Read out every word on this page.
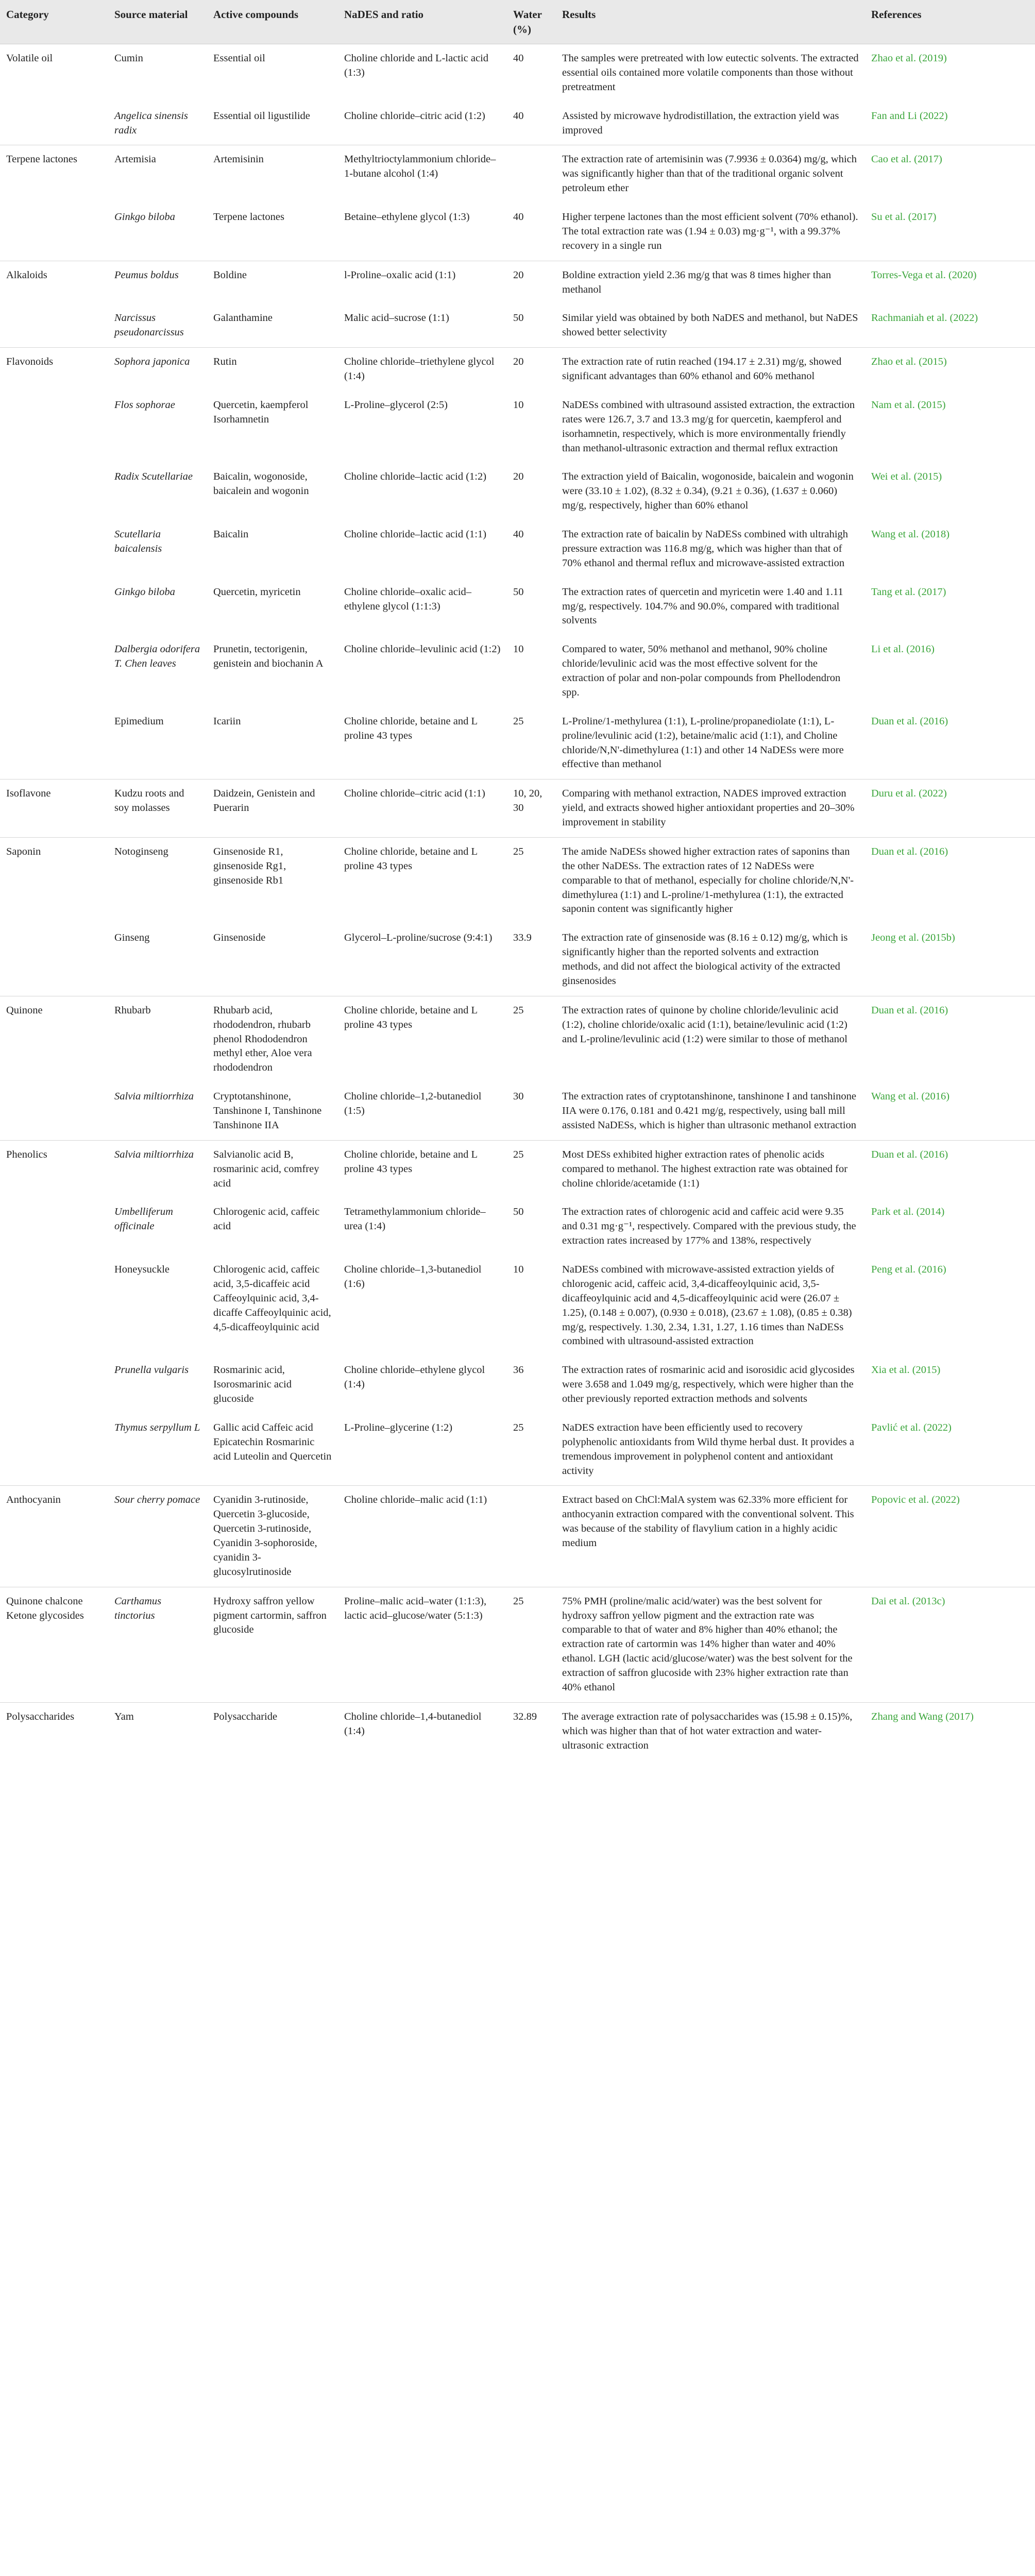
Category	Source material	Active compounds	NaDES and ratio	Water (%)	Results	References
Volatile oil	Cumin	Essential oil	Choline chloride and L-lactic acid (1:3)	40	The samples were pretreated with low eutectic solvents. The extracted essential oils contained more volatile components than those without pretreatment	Zhao et al. (2019)
	Angelica sinensis radix	Essential oil ligustilide	Choline chloride–citric acid (1:2)	40	Assisted by microwave hydrodistillation, the extraction yield was improved	Fan and Li (2022)
Terpene lactones	Artemisia	Artemisinin	Methyltrioctylammonium chloride–1-butane alcohol (1:4)		The extraction rate of artemisinin was (7.9936 ± 0.0364) mg/g, which was significantly higher than that of the traditional organic solvent petroleum ether	Cao et al. (2017)
	Ginkgo biloba	Terpene lactones	Betaine–ethylene glycol (1:3)	40	Higher terpene lactones than the most efficient solvent (70% ethanol). The total extraction rate was (1.94 ± 0.03) mg·g⁻¹, with a 99.37% recovery in a single run	Su et al. (2017)
Alkaloids	Peumus boldus	Boldine	l-Proline–oxalic acid (1:1)	20	Boldine extraction yield 2.36 mg/g that was 8 times higher than methanol	Torres-Vega et al. (2020)
	Narcissus pseudonarcissus	Galanthamine	Malic acid–sucrose (1:1)	50	Similar yield was obtained by both NaDES and methanol, but NaDES showed better selectivity	Rachmaniah et al. (2022)
Flavonoids	Sophora japonica	Rutin	Choline chloride–triethylene glycol (1:4)	20	The extraction rate of rutin reached (194.17 ± 2.31) mg/g, showed significant advantages than 60% ethanol and 60% methanol	Zhao et al. (2015)
	Flos sophorae	Quercetin, kaempferol Isorhamnetin	L-Proline–glycerol (2:5)	10	NaDESs combined with ultrasound assisted extraction, the extraction rates were 126.7, 3.7 and 13.3 mg/g for quercetin, kaempferol and isorhamnetin, respectively, which is more environmentally friendly than methanol-ultrasonic extraction and thermal reflux extraction	Nam et al. (2015)
	Radix Scutellariae	Baicalin, wogonoside, baicalein and wogonin	Choline chloride–lactic acid (1:2)	20	The extraction yield of Baicalin, wogonoside, baicalein and wogonin were (33.10 ± 1.02), (8.32 ± 0.34), (9.21 ± 0.36), (1.637 ± 0.060) mg/g, respectively, higher than 60% ethanol	Wei et al. (2015)
	Scutellaria baicalensis	Baicalin	Choline chloride–lactic acid (1:1)	40	The extraction rate of baicalin by NaDESs combined with ultrahigh pressure extraction was 116.8 mg/g, which was higher than that of 70% ethanol and thermal reflux and microwave-assisted extraction	Wang et al. (2018)
	Ginkgo biloba	Quercetin, myricetin	Choline chloride–oxalic acid–ethylene glycol (1:1:3)	50	The extraction rates of quercetin and myricetin were 1.40 and 1.11 mg/g, respectively. 104.7% and 90.0%, compared with traditional solvents	Tang et al. (2017)
	Dalbergia odorifera T. Chen leaves	Prunetin, tectorigenin, genistein and biochanin A	Choline chloride–levulinic acid (1:2)	10	Compared to water, 50% methanol and methanol, 90% choline chloride/levulinic acid was the most effective solvent for the extraction of polar and non-polar compounds from Phellodendron spp.	Li et al. (2016)
	Epimedium	Icariin	Choline chloride, betaine and L proline 43 types	25	L-Proline/1-methylurea (1:1), L-proline/propanediolate (1:1), L-proline/levulinic acid (1:2), betaine/malic acid (1:1), and Choline chloride/N,N'-dimethylurea (1:1) and other 14 NaDESs were more effective than methanol	Duan et al. (2016)
Isoflavone	Kudzu roots and soy molasses	Daidzein, Genistein and Puerarin	Choline chloride–citric acid (1:1)	10, 20, 30	Comparing with methanol extraction, NADES improved extraction yield, and extracts showed higher antioxidant properties and 20–30% improvement in stability	Duru et al. (2022)
Saponin	Notoginseng	Ginsenoside R1, ginsenoside Rg1, ginsenoside Rb1	Choline chloride, betaine and L proline 43 types	25	The amide NaDESs showed higher extraction rates of saponins than the other NaDESs. The extraction rates of 12 NaDESs were comparable to that of methanol, especially for choline chloride/N,N'-dimethylurea (1:1) and L-proline/1-methylurea (1:1), the extracted saponin content was significantly higher	Duan et al. (2016)
	Ginseng	Ginsenoside	Glycerol–L-proline/sucrose (9:4:1)	33.9	The extraction rate of ginsenoside was (8.16 ± 0.12) mg/g, which is significantly higher than the reported solvents and extraction methods, and did not affect the biological activity of the extracted ginsenosides	Jeong et al. (2015b)
Quinone	Rhubarb	Rhubarb acid, rhododendron, rhubarb phenol Rhododendron methyl ether, Aloe vera rhododendron	Choline chloride, betaine and L proline 43 types	25	The extraction rates of quinone by choline chloride/levulinic acid (1:2), choline chloride/oxalic acid (1:1), betaine/levulinic acid (1:2) and L-proline/levulinic acid (1:2) were similar to those of methanol	Duan et al. (2016)
	Salvia miltiorrhiza	Cryptotanshinone, Tanshinone I, Tanshinone Tanshinone IIA	Choline chloride–1,2-butanediol (1:5)	30	The extraction rates of cryptotanshinone, tanshinone I and tanshinone IIA were 0.176, 0.181 and 0.421 mg/g, respectively, using ball mill assisted NaDESs, which is higher than ultrasonic methanol extraction	Wang et al. (2016)
Phenolics	Salvia miltiorrhiza	Salvianolic acid B, rosmarinic acid, comfrey acid	Choline chloride, betaine and L proline 43 types	25	Most DESs exhibited higher extraction rates of phenolic acids compared to methanol. The highest extraction rate was obtained for choline chloride/acetamide (1:1)	Duan et al. (2016)
	Umbelliferum officinale	Chlorogenic acid, caffeic acid	Tetramethylammonium chloride–urea (1:4)	50	The extraction rates of chlorogenic acid and caffeic acid were 9.35 and 0.31 mg·g⁻¹, respectively. Compared with the previous study, the extraction rates increased by 177% and 138%, respectively	Park et al. (2014)
	Honeysuckle	Chlorogenic acid, caffeic acid, 3,5-dicaffeic acid Caffeoylquinic acid, 3,4-dicaffe Caffeoylquinic acid, 4,5-dicaffeoylquinic acid	Choline chloride–1,3-butanediol (1:6)	10	NaDESs combined with microwave-assisted extraction yields of chlorogenic acid, caffeic acid, 3,4-dicaffeoylquinic acid, 3,5-dicaffeoylquinic acid and 4,5-dicaffeoylquinic acid were (26.07 ± 1.25), (0.148 ± 0.007), (0.930 ± 0.018), (23.67 ± 1.08), (0.85 ± 0.38) mg/g, respectively. 1.30, 2.34, 1.31, 1.27, 1.16 times than NaDESs combined with ultrasound-assisted extraction	Peng et al. (2016)
	Prunella vulgaris	Rosmarinic acid, Isorosmarinic acid glucoside	Choline chloride–ethylene glycol (1:4)	36	The extraction rates of rosmarinic acid and isorosidic acid glycosides were 3.658 and 1.049 mg/g, respectively, which were higher than the other previously reported extraction methods and solvents	Xia et al. (2015)
	Thymus serpyllum L	Gallic acid Caffeic acid Epicatechin Rosmarinic acid Luteolin and Quercetin	L-Proline–glycerine (1:2)	25	NaDES extraction have been efficiently used to recovery polyphenolic antioxidants from Wild thyme herbal dust. It provides a tremendous improvement in polyphenol content and antioxidant activity	Pavlić et al. (2022)
Anthocyanin	Sour cherry pomace	Cyanidin 3-rutinoside, Quercetin 3-glucoside, Quercetin 3-rutinoside, Cyanidin 3-sophoroside, cyanidin 3-glucosylrutinoside	Choline chloride–malic acid (1:1)		Extract based on ChCl:MalA system was 62.33% more efficient for anthocyanin extraction compared with the conventional solvent. This was because of the stability of flavylium cation in a highly acidic medium	Popovic et al. (2022)
Quinone chalcone Ketone glycosides	Carthamus tinctorius	Hydroxy saffron yellow pigment cartormin, saffron glucoside	Proline–malic acid–water (1:1:3), lactic acid–glucose/water (5:1:3)	25	75% PMH (proline/malic acid/water) was the best solvent for hydroxy saffron yellow pigment and the extraction rate was comparable to that of water and 8% higher than 40% ethanol; the extraction rate of cartormin was 14% higher than water and 40% ethanol. LGH (lactic acid/glucose/water) was the best solvent for the extraction of saffron glucoside with 23% higher extraction rate than 40% ethanol	Dai et al. (2013c)
Polysaccharides	Yam	Polysaccharide	Choline chloride–1,4-butanediol (1:4)	32.89	The average extraction rate of polysaccharides was (15.98 ± 0.15)%, which was higher than that of hot water extraction and water-ultrasonic extraction	Zhang and Wang (2017)
